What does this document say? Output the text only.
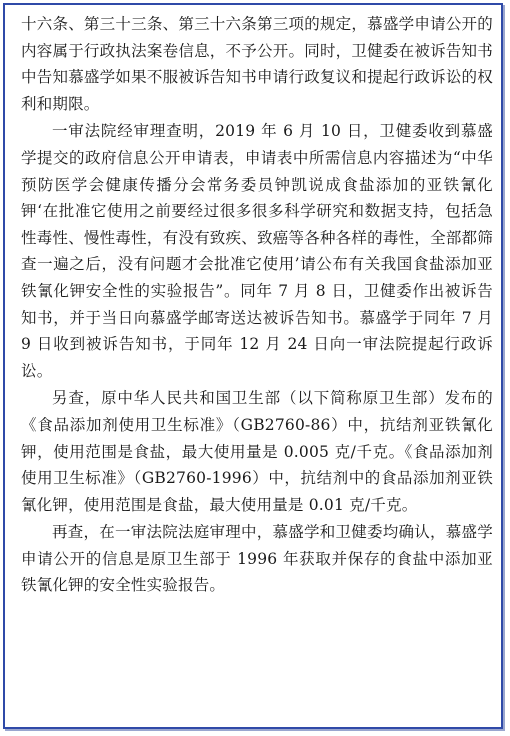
十六条、第三十三条、第三十六条第三项的规定，慕盛学申请公开的内容属于行政执法案卷信息，不予公开。同时，卫健委在被诉告知书中告知慕盛学如果不服被诉告知书申请行政复议和提起行政诉讼的权利和期限。

一审法院经审理查明，2019 年 6 月 10 日，卫健委收到慕盛学提交的政府信息公开申请表，申请表中所需信息内容描述为“中华预防医学会健康传播分会常务委员钟凯说成食盐添加的亚铁氰化钾‘在批准它使用之前要经过很多很多科学研究和数据支持，包括急性毒性、慢性毒性，有没有致疾、致癌等各种各样的毒性，全部都筛查一遍之后，没有问题才会批准它使用’请公布有关我国食盐添加亚铁氰化钾安全性的实验报告”。同年 7 月 8 日，卫健委作出被诉告知书，并于当日向慕盛学邮寄送达被诉告知书。慕盛学于同年 7 月 9 日收到被诉告知书，于同年 12 月 24 日向一审法院提起行政诉讼。

另查，原中华人民共和国卫生部（以下简称原卫生部）发布的《食品添加剂使用卫生标准》（GB2760-86）中，抗结剂亚铁氰化钾，使用范围是食盐，最大使用量是 0.005 克/千克。《食品添加剂使用卫生标准》（GB2760-1996）中，抗结剂中的食品添加剂亚铁氰化钾，使用范围是食盐，最大使用量是 0.01 克/千克。

再查，在一审法院法庭审理中，慕盛学和卫健委均确认，慕盛学申请公开的信息是原卫生部于 1996 年获取并保存的食盐中添加亚铁氰化钾的安全性实验报告。
